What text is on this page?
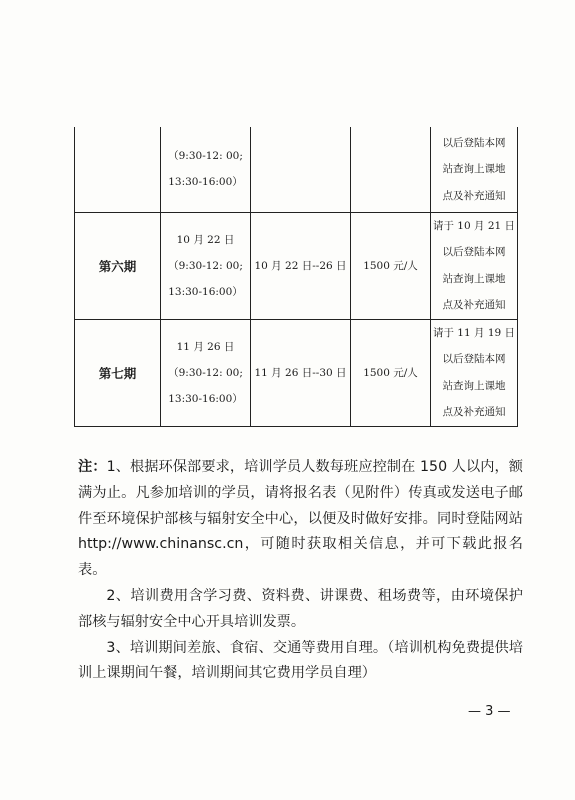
	（9:30-12: 00;
13:30-16:00）			以后登陆本网
站查询上课地
点及补充通知

第六期	10 月 22 日
（9:30-12: 00;
13:30-16:00）	10 月 22 日--26 日	1500 元/人	请于 10 月 21 日
以后登陆本网
站查询上课地
点及补充通知

第七期	11 月 26 日
（9:30-12: 00;
13:30-16:00）	11 月 26 日--30 日	1500 元/人	请于 11 月 19 日
以后登陆本网
站查询上课地
点及补充通知

注：1、根据环保部要求，培训学员人数每班应控制在 150 人以内，额满为止。凡参加培训的学员，请将报名表（见附件）传真或发送电子邮件至环境保护部核与辐射安全中心，以便及时做好安排。同时登陆网站 http://www.chinansc.cn，可随时获取相关信息，并可下载此报名表。

2、培训费用含学习费、资料费、讲课费、租场费等，由环境保护部核与辐射安全中心开具培训发票。

3、培训期间差旅、食宿、交通等费用自理。（培训机构免费提供培训上课期间午餐，培训期间其它费用学员自理）

— 3 —
